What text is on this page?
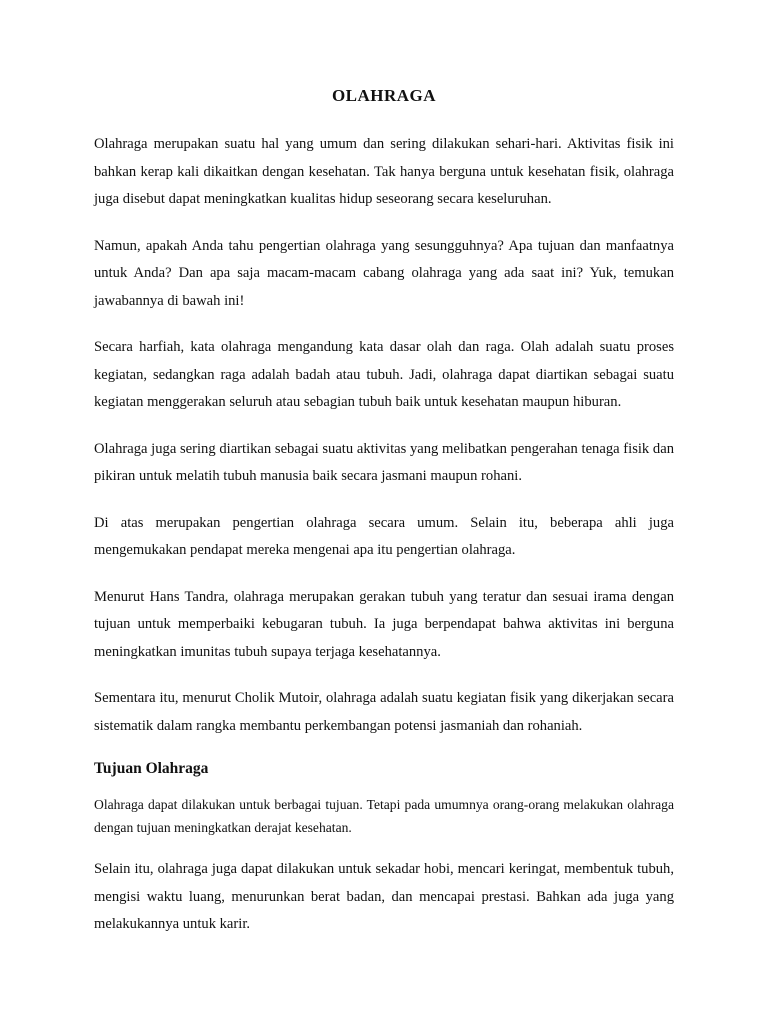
OLAHRAGA

Olahraga merupakan suatu hal yang umum dan sering dilakukan sehari-hari. Aktivitas fisik ini bahkan kerap kali dikaitkan dengan kesehatan. Tak hanya berguna untuk kesehatan fisik, olahraga juga disebut dapat meningkatkan kualitas hidup seseorang secara keseluruhan.

Namun, apakah Anda tahu pengertian olahraga yang sesungguhnya? Apa tujuan dan manfaatnya untuk Anda? Dan apa saja macam-macam cabang olahraga yang ada saat ini? Yuk, temukan jawabannya di bawah ini!

Secara harfiah, kata olahraga mengandung kata dasar olah dan raga. Olah adalah suatu proses kegiatan, sedangkan raga adalah badah atau tubuh. Jadi, olahraga dapat diartikan sebagai suatu kegiatan menggerakan seluruh atau sebagian tubuh baik untuk kesehatan maupun hiburan.

Olahraga juga sering diartikan sebagai suatu aktivitas yang melibatkan pengerahan tenaga fisik dan pikiran untuk melatih tubuh manusia baik secara jasmani maupun rohani.

Di atas merupakan pengertian olahraga secara umum. Selain itu, beberapa ahli juga mengemukakan pendapat mereka mengenai apa itu pengertian olahraga.

Menurut Hans Tandra, olahraga merupakan gerakan tubuh yang teratur dan sesuai irama dengan tujuan untuk memperbaiki kebugaran tubuh. Ia juga berpendapat bahwa aktivitas ini berguna meningkatkan imunitas tubuh supaya terjaga kesehatannya.

Sementara itu, menurut Cholik Mutoir, olahraga adalah suatu kegiatan fisik yang dikerjakan secara sistematik dalam rangka membantu perkembangan potensi jasmaniah dan rohaniah.

Tujuan Olahraga

Olahraga dapat dilakukan untuk berbagai tujuan. Tetapi pada umumnya orang-orang melakukan olahraga dengan tujuan meningkatkan derajat kesehatan.

Selain itu, olahraga juga dapat dilakukan untuk sekadar hobi, mencari keringat, membentuk tubuh, mengisi waktu luang, menurunkan berat badan, dan mencapai prestasi. Bahkan ada juga yang melakukannya untuk karir.
